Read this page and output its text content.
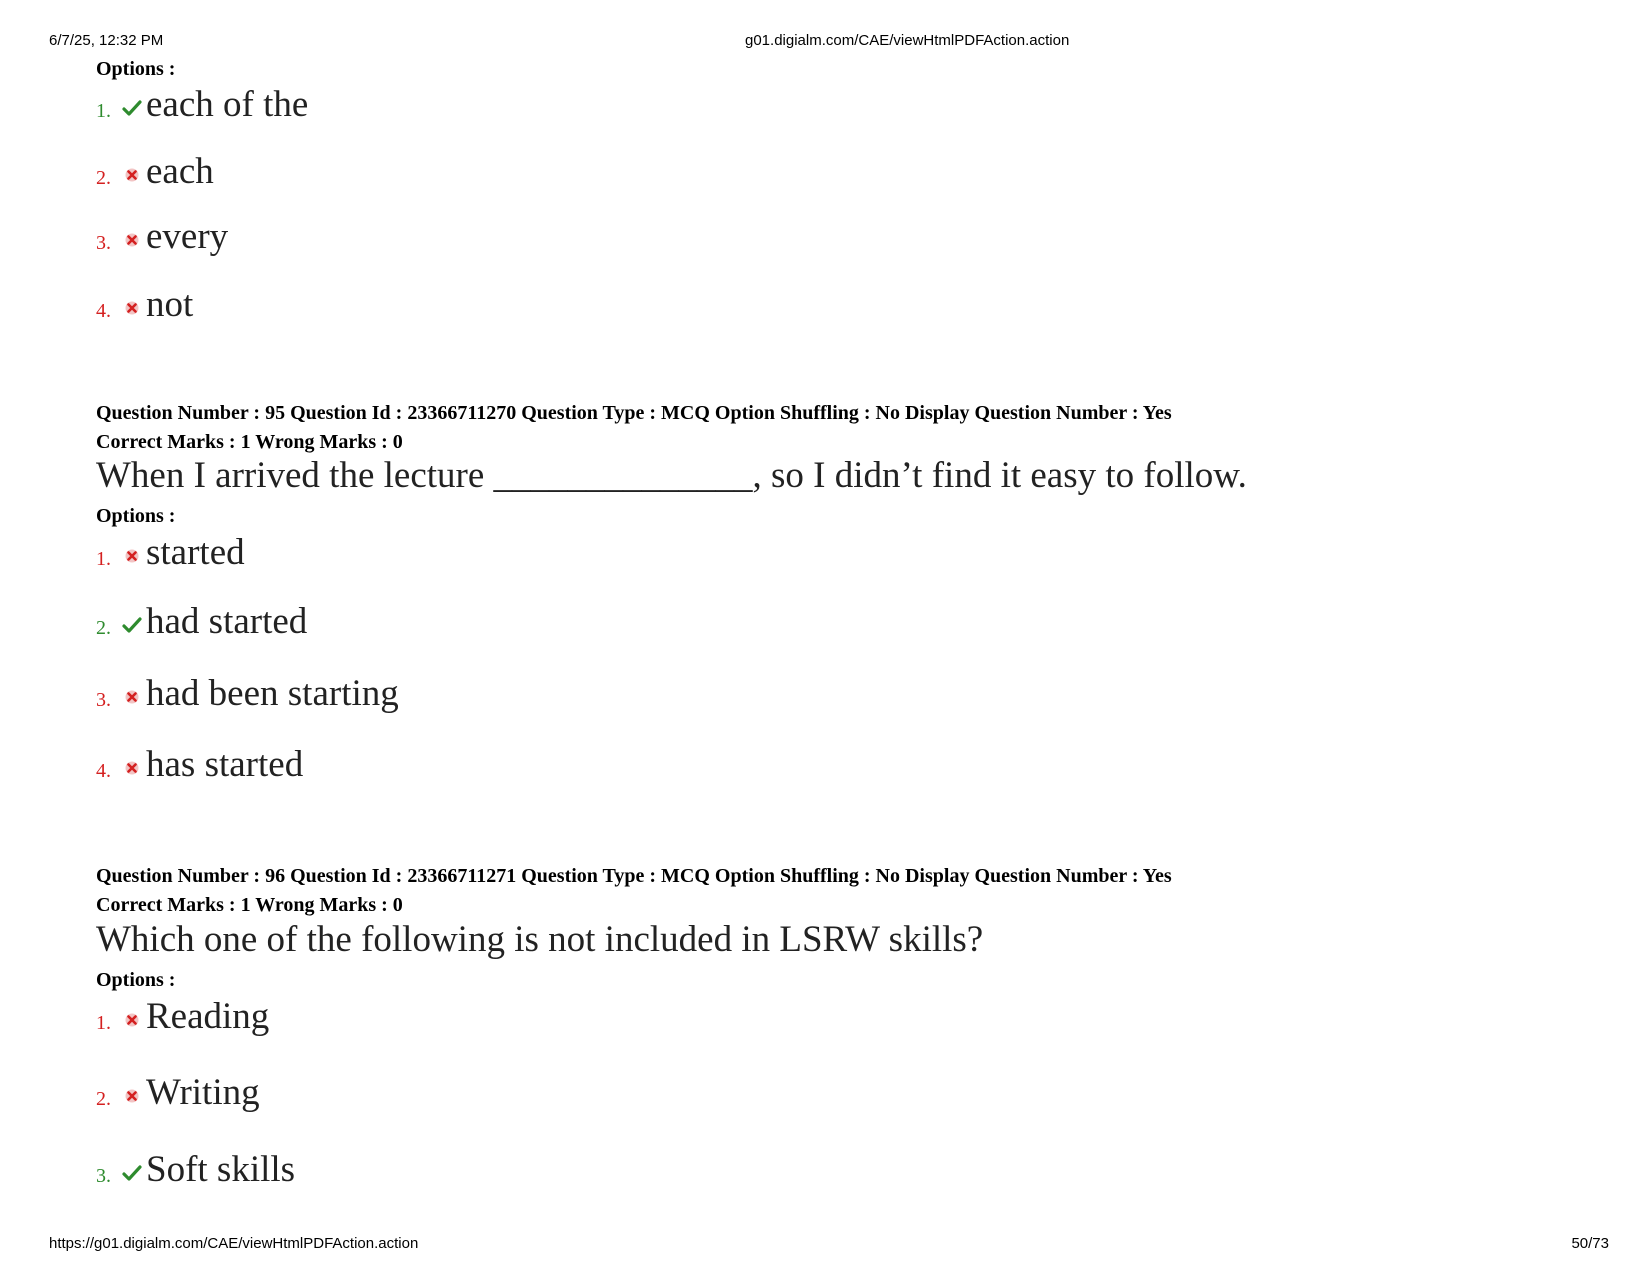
6/7/25, 12:32 PM	g01.digialm.com/CAE/viewHtmlPDFAction.action
https://g01.digialm.com/CAE/viewHtmlPDFAction.action	50/73
Options :
1. each of the
2. each
3. every
4. not
Question Number : 95 Question Id : 23366711270 Question Type : MCQ Option Shuffling : No Display Question Number : Yes
Correct Marks : 1 Wrong Marks : 0
When I arrived the lecture ______________, so I didn’t find it easy to follow.
Options :
1. started
2. had started
3. had been starting
4. has started
Question Number : 96 Question Id : 23366711271 Question Type : MCQ Option Shuffling : No Display Question Number : Yes
Correct Marks : 1 Wrong Marks : 0
Which one of the following is not included in LSRW skills?
Options :
1. Reading
2. Writing
3. Soft skills
